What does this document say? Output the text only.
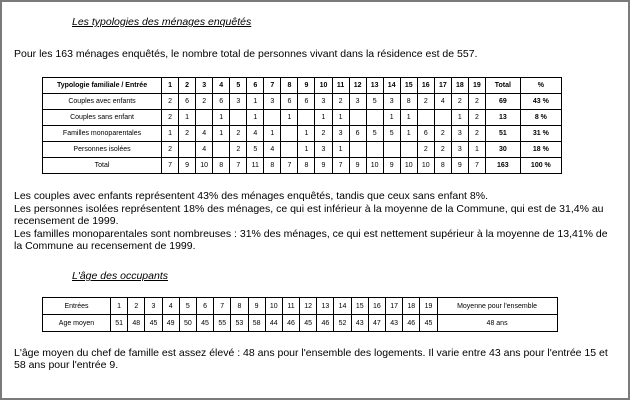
Les typologies des ménages enquêtés
Pour les 163 ménages enquêtés, le nombre total de personnes vivant dans la résidence est de 557.
Typologie familiale / Entrée	1	2	3	4	5	6	7	8	9	10	11	12	13	14	15	16	17	18	19	Total	%
Couples avec enfants	2	6	2	6	3	1	3	6	6	3	2	3	5	3	8	2	4	2	2	69	43 %
Couples sans enfant	2	1		1		1		1		1	1			1	1			1	2	13	8 %
Familles monoparentales	1	2	4	1	2	4	1		1	2	3	6	5	5	1	6	2	3	2	51	31 %
Personnes isolées	2		4		2	5	4		1	3	1					2	2	3	1	30	18 %
Total	7	9	10	8	7	11	8	7	8	9	7	9	10	9	10	10	8	9	7	163	100 %

Les couples avec enfants représentent 43% des ménages enquêtés, tandis que ceux sans enfant 8%.

Les personnes isolées représentent 18% des ménages, ce qui est inférieur à la moyenne de la Commune, qui est de 31,4% au recensement de 1999.

Les familles monoparentales sont nombreuses : 31% des ménages, ce qui est nettement supérieur à la moyenne de 13,41% de la Commune au recensement de 1999.

L'âge des occupants
Entrées	1	2	3	4	5	6	7	8	9	10	11	12	13	14	15	16	17	18	19	Moyenne pour l'ensemble
Age moyen	51	48	45	49	50	45	55	53	58	44	46	45	46	52	43	47	43	46	45	48 ans
L'âge moyen du chef de famille est assez élevé : 48 ans pour l'ensemble des logements. Il varie entre 43 ans pour l'entrée 15 et 58 ans pour l'entrée 9.
